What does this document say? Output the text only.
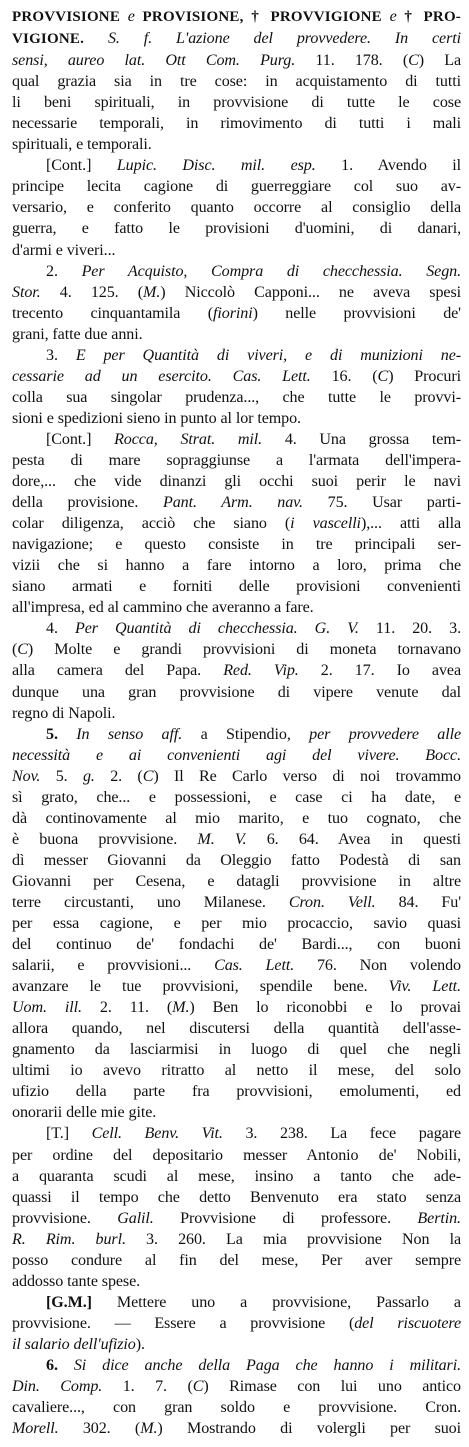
PROVVISIONE e PROVISIONE, † PROVVIGIONE e † PRO-
VIGIONE. S. f. L'azione del provvedere. In certi
sensi, aureo lat. Ott Com. Purg. 11. 178. (C) La
qual grazia sia in tre cose: in acquistamento di tutti
li beni spirituali, in provvisione di tutte le cose
necessarie temporali, in rimovimento di tutti i mali
spirituali, e temporali.
[Cont.] Lupic. Disc. mil. esp. 1. Avendo il
principe lecita cagione di guerreggiare col suo av-
versario, e conferito quanto occorre al consiglio della
guerra, e fatto le provisioni d'uomini, di danari,
d'armi e viveri...
2. Per Acquisto, Compra di checchessia. Segn.
Stor. 4. 125. (M.) Niccolò Capponi... ne aveva spesi
trecento cinquantamila (fiorini) nelle provvisioni de'
grani, fatte due anni.
3. E per Quantità di viveri, e di munizioni ne-
cessarie ad un esercito. Cas. Lett. 16. (C) Procuri
colla sua singolar prudenza..., che tutte le provvi-
sioni e spedizioni sieno in punto al lor tempo.
[Cont.] Rocca, Strat. mil. 4. Una grossa tem-
pesta di mare sopraggiunse a l'armata dell'impera-
dore,... che vide dinanzi gli occhi suoi perir le navi
della provisione. Pant. Arm. nav. 75. Usar parti-
colar diligenza, acciò che siano (i vascelli),... atti alla
navigazione; e questo consiste in tre principali ser-
vizii che si hanno a fare intorno a loro, prima che
siano armati e forniti delle provisioni convenienti
all'impresa, ed al cammino che averanno a fare.
4. Per Quantità di checchessia. G. V. 11. 20. 3.
(C) Molte e grandi provvisioni di moneta tornavano
alla camera del Papa. Red. Vip. 2. 17. Io avea
dunque una gran provvisione di vipere venute dal
regno di Napoli.
5. In senso aff. a Stipendio, per provvedere alle
necessità e ai convenienti agi del vivere. Bocc.
Nov. 5. g. 2. (C) Il Re Carlo verso di noi trovammo
sì grato, che... e possessioni, e case ci ha date, e
dà continovamente al mio marito, e tuo cognato, che
è buona provvisione. M. V. 6. 64. Avea in questi
dì messer Giovanni da Oleggio fatto Podestà di san
Giovanni per Cesena, e datagli provvisione in altre
terre circustanti, uno Milanese. Cron. Vell. 84. Fu'
per essa cagione, e per mio procaccio, savio quasi
del continuo de' fondachi de' Bardi..., con buoni
salarii, e provvisioni... Cas. Lett. 76. Non volendo
avanzare le tue provvisioni, spendile bene. Viv. Lett.
Uom. ill. 2. 11. (M.) Ben lo riconobbi e lo provai
allora quando, nel discutersi della quantità dell'asse-
gnamento da lasciarmisi in luogo di quel che negli
ultimi io avevo ritratto al netto il mese, del solo
ufizio della parte fra provvisioni, emolumenti, ed
onorarii delle mie gite.
[T.] Cell. Benv. Vit. 3. 238. La fece pagare
per ordine del depositario messer Antonio de' Nobili,
a quaranta scudi al mese, insino a tanto che ade-
quassi il tempo che detto Benvenuto era stato senza
provvisione. Galil. Provvisione di professore. Bertin.
R. Rim. burl. 3. 260. La mia provvisione Non la
posso condure al fin del mese, Per aver sempre
addosso tante spese.
[G.M.] Mettere uno a provvisione, Passarlo a
provvisione. — Essere a provvisione (del riscuotere
il salario dell'ufizio).
6. Si dice anche della Paga che hanno i militari.
Din. Comp. 1. 7. (C) Rimase con lui uno antico
cavaliere..., con gran soldo e provvisione. Cron.
Morell. 302. (M.) Mostrando di volergli per suoi
